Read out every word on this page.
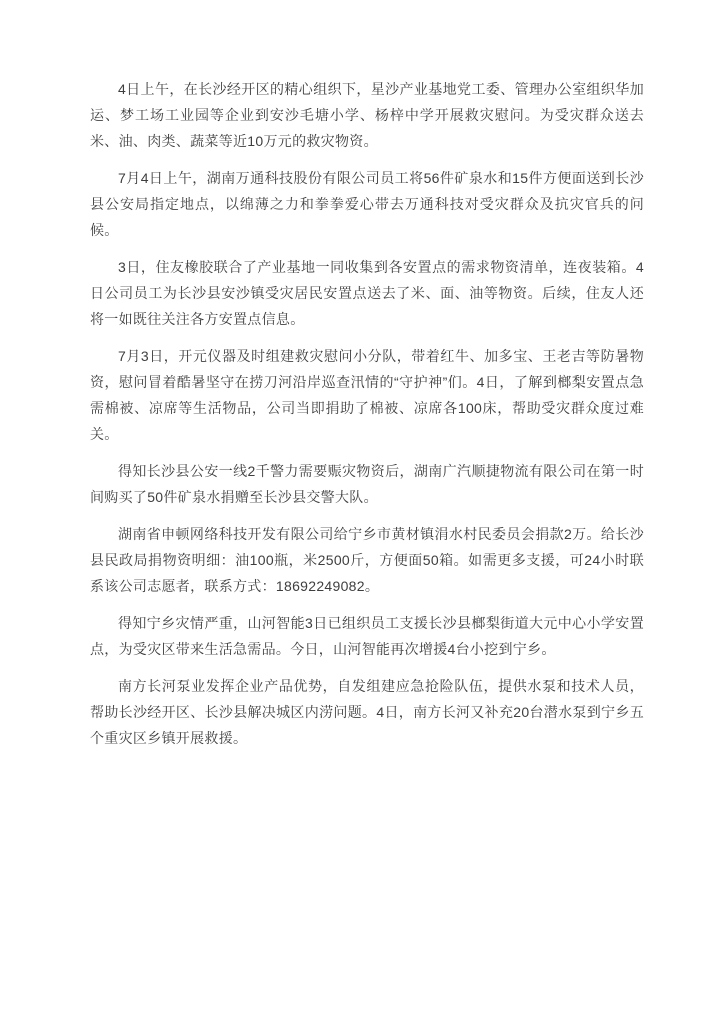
4日上午，在长沙经开区的精心组织下，星沙产业基地党工委、管理办公室组织华加运、梦工场工业园等企业到安沙毛塘小学、杨梓中学开展救灾慰问。为受灾群众送去米、油、肉类、蔬菜等近10万元的救灾物资。

7月4日上午，湖南万通科技股份有限公司员工将56件矿泉水和15件方便面送到长沙县公安局指定地点，以绵薄之力和拳拳爱心带去万通科技对受灾群众及抗灾官兵的问候。

3日，住友橡胶联合了产业基地一同收集到各安置点的需求物资清单，连夜装箱。4日公司员工为长沙县安沙镇受灾居民安置点送去了米、面、油等物资。后续，住友人还将一如既往关注各方安置点信息。

7月3日，开元仪器及时组建救灾慰问小分队，带着红牛、加多宝、王老吉等防暑物资，慰问冒着酷暑坚守在捞刀河沿岸巡查汛情的“守护神”们。4日，了解到榔梨安置点急需棉被、凉席等生活物品，公司当即捐助了棉被、凉席各100床，帮助受灾群众度过难关。

得知长沙县公安一线2千警力需要赈灾物资后，湖南广汽顺捷物流有限公司在第一时间购买了50件矿泉水捐赠至长沙县交警大队。

湖南省申顿网络科技开发有限公司给宁乡市黄材镇涓水村民委员会捐款2万。给长沙县民政局捐物资明细：油100瓶，米2500斤，方便面50箱。如需更多支援，可24小时联系该公司志愿者，联系方式：18692249082。

得知宁乡灾情严重，山河智能3日已组织员工支援长沙县榔梨街道大元中心小学安置点，为受灾区带来生活急需品。今日，山河智能再次增援4台小挖到宁乡。

南方长河泵业发挥企业产品优势，自发组建应急抢险队伍，提供水泵和技术人员，帮助长沙经开区、长沙县解决城区内涝问题。4日，南方长河又补充20台潜水泵到宁乡五个重灾区乡镇开展救援。
